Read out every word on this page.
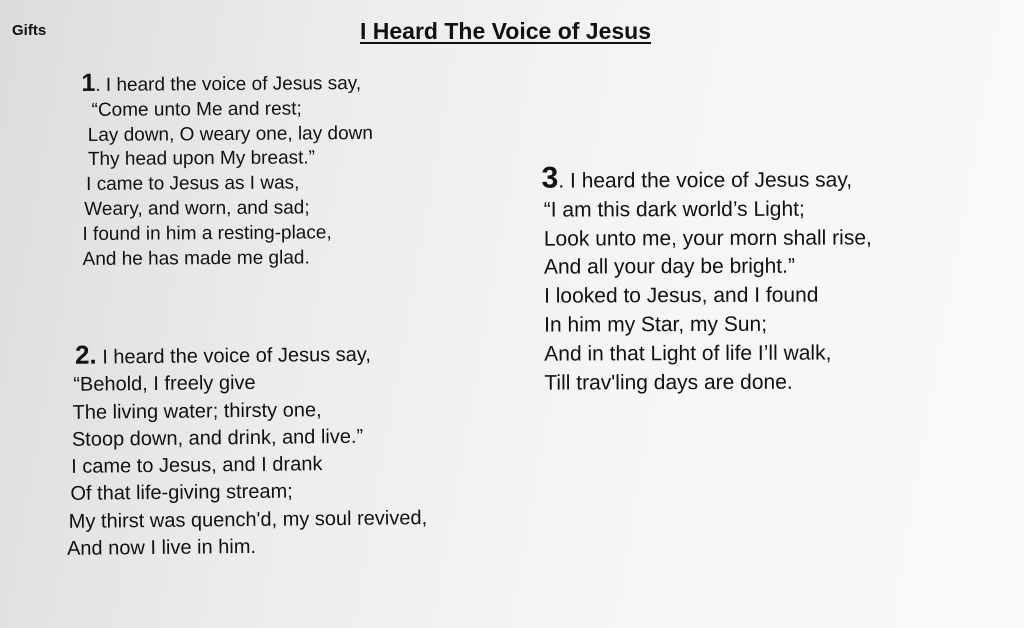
Gifts	I Heard The Voice of Jesus
1. I heard the voice of Jesus say,
“Come unto Me and rest;
Lay down, O weary one, lay down
Thy head upon My breast.”
I came to Jesus as I was,
Weary, and worn, and sad;
I found in him a resting-place,
And he has made me glad.
2. I heard the voice of Jesus say,
“Behold, I freely give
The living water; thirsty one,
Stoop down, and drink, and live.”
I came to Jesus, and I drank
Of that life-giving stream;
My thirst was quench'd, my soul revived,
And now I live in him.
3. I heard the voice of Jesus say,
“I am this dark world’s Light;
Look unto me, your morn shall rise,
And all your day be bright.”
I looked to Jesus, and I found
In him my Star, my Sun;
And in that Light of life I’ll walk,
Till trav'ling days are done.
